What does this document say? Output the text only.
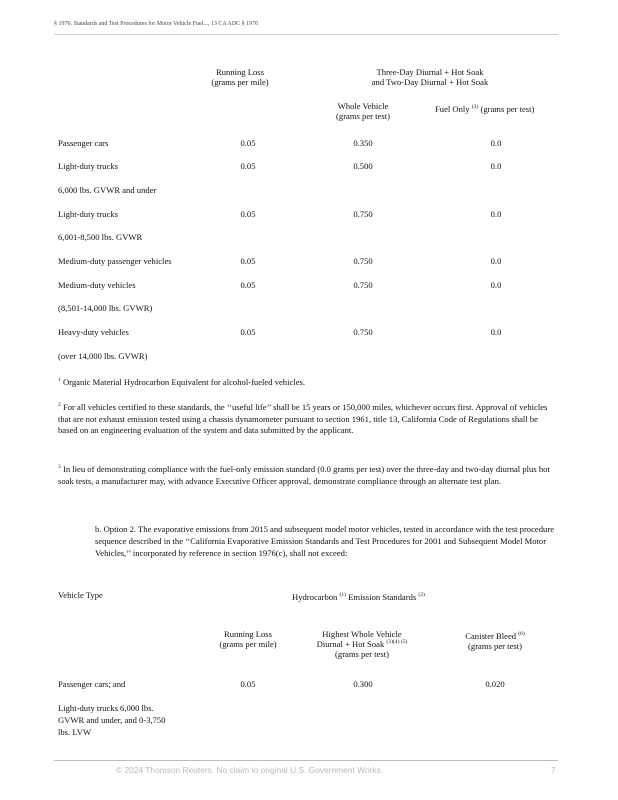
§ 1976. Standards and Test Procedures for Motor Vehicle Fuel..., 13 CA ADC § 1976
Running Loss
(grams per mile)
Three-Day Diurnal + Hot Soak
and Two-Day Diurnal + Hot Soak
Whole Vehicle
(grams per test)
Fuel Only $^{(3)}$ (grams per test)
Passenger cars	0.05	0.350	0.0
Light-duty trucks	0.05	0.500	0.0
6,000 lbs. GVWR and under
Light-duty trucks	0.05	0.750	0.0
6,001-8,500 lbs. GVWR
Medium-duty passenger vehicles	0.05	0.750	0.0
Medium-duty vehicles	0.05	0.750	0.0
(8,501-14,000 lbs. GVWR)
Heavy-duty vehicles	0.05	0.750	0.0
(over 14,000 lbs. GVWR)
$^1$ Organic Material Hydrocarbon Equivalent for alcohol-fueled vehicles.
$^2$ For all vehicles certified to these standards, the ‘‘useful life’’ shall be 15 years or 150,000 miles, whichever occurs first. Approval of vehicles that are not exhaust emission tested using a chassis dynamometer pursuant to section 1961, title 13, California Code of Regulations shall be based on an engineering evaluation of the system and data submitted by the applicant.
$^3$ In lieu of demonstrating compliance with the fuel-only emission standard (0.0 grams per test) over the three-day and two-day diurnal plus hot soak tests, a manufacturer may, with advance Executive Officer approval, demonstrate compliance through an alternate test plan.
b. Option 2. The evaporative emissions from 2015 and subsequent model motor vehicles, tested in accordance with the test procedure sequence described in the ‘‘California Evaporative Emission Standards and Test Procedures for 2001 and Subsequent Model Motor Vehicles,’’ incorporated by reference in section 1976(c), shall not exceed:
Vehicle Type	Hydrocarbon $^{(1)}$ Emission Standards $^{(2)}$
Running Loss
(grams per mile)
Highest Whole Vehicle
Diurnal + Hot Soak $^{(3)(4) (5)}$
(grams per test)
Canister Bleed $^{(6)}$
(grams per test)
Passenger cars; and	0.05	0.300	0.020
Light-duty trucks 6,000 lbs.
GVWR and under, and 0-3,750
lbs. LVW
© 2024 Thomson Reuters. No claim to original U.S. Government Works.	7
